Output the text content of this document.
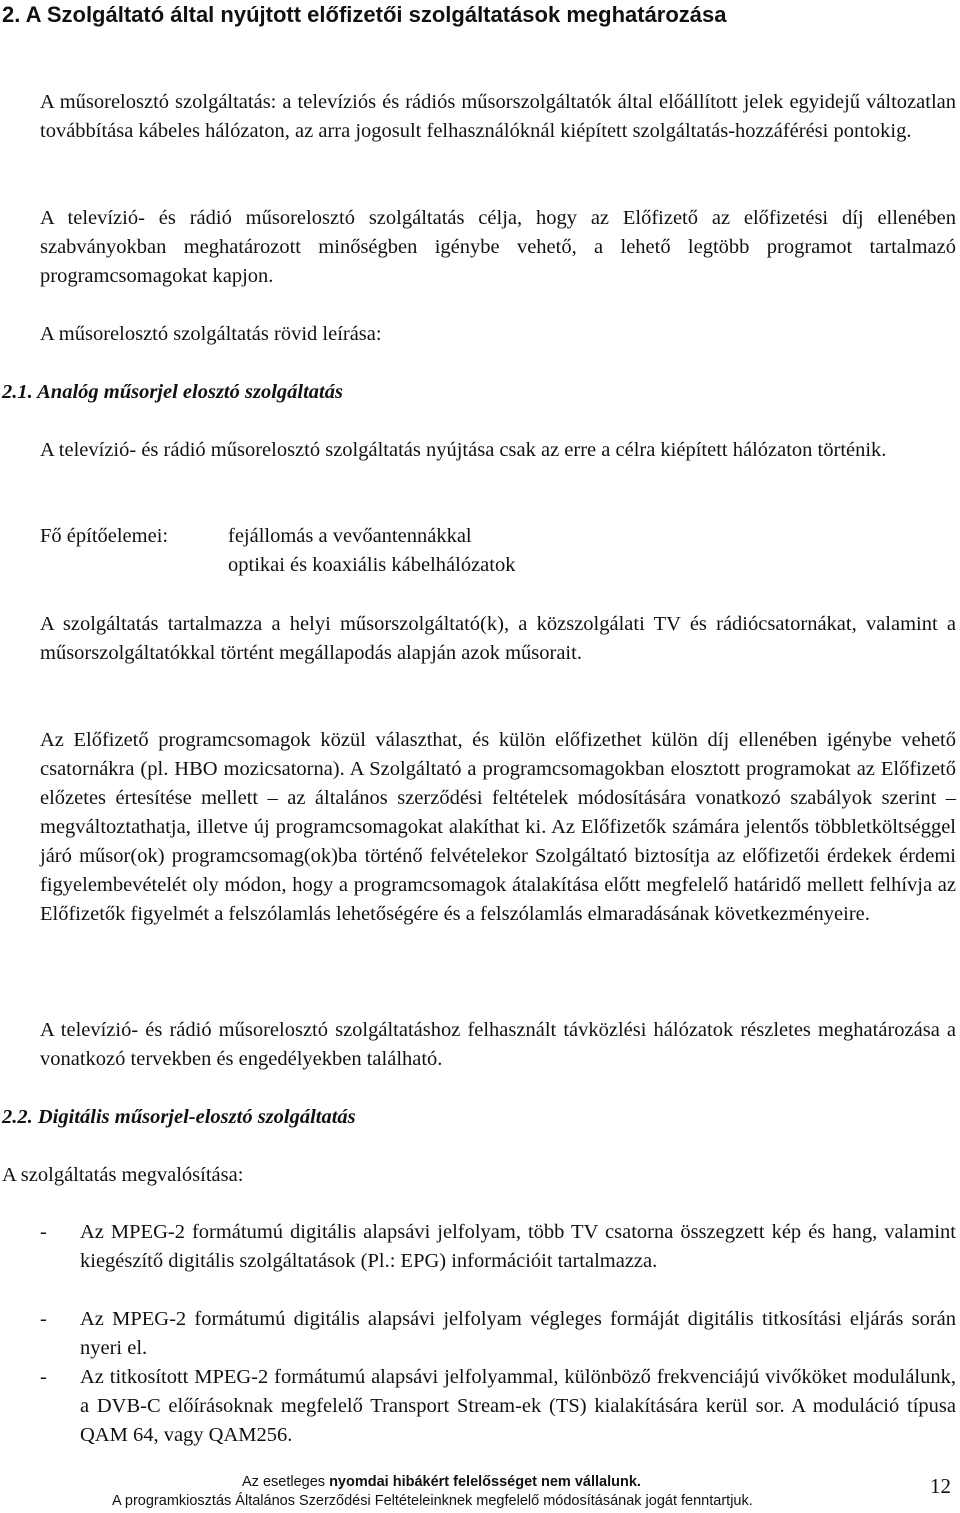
2. A Szolgáltató által nyújtott előfizetői szolgáltatások meghatározása
A műsorelosztó szolgáltatás: a televíziós és rádiós műsorszolgáltatók által előállított jelek egyidejű változatlan továbbítása kábeles hálózaton, az arra jogosult felhasználóknál kiépített szolgáltatás-hozzáférési pontokig.
A televízió- és rádió műsorelosztó szolgáltatás célja, hogy az Előfizető az előfizetési díj ellenében szabványokban meghatározott minőségben igénybe vehető, a lehető legtöbb programot tartalmazó programcsomagokat kapjon.
A műsorelosztó szolgáltatás rövid leírása:
2.1. Analóg műsorjel elosztó szolgáltatás
A televízió- és rádió műsorelosztó szolgáltatás nyújtása csak az erre a célra kiépített hálózaton történik.
Fő építőelemei:	fejállomás a vevőantennákkal
optikai és koaxiális kábelhálózatok
A szolgáltatás tartalmazza a helyi műsorszolgáltató(k), a közszolgálati TV és rádiócsatornákat, valamint a műsorszolgáltatókkal történt megállapodás alapján azok műsorait.
Az Előfizető programcsomagok közül választhat, és külön előfizethet külön díj ellenében igénybe vehető csatornákra (pl. HBO mozicsatorna). A Szolgáltató a programcsomagokban elosztott programokat az Előfizető előzetes értesítése mellett – az általános szerződési feltételek módosítására vonatkozó szabályok szerint – megváltoztathatja, illetve új programcsomagokat alakíthat ki. Az Előfizetők számára jelentős többletköltséggel járó műsor(ok) programcsomag(ok)ba történő felvételekor Szolgáltató biztosítja az előfizetői érdekek érdemi figyelembevételét oly módon, hogy a programcsomagok átalakítása előtt megfelelő határidő mellett felhívja az Előfizetők figyelmét a felszólamlás lehetőségére és a felszólamlás elmaradásának következményeire.
A televízió- és rádió műsorelosztó szolgáltatáshoz felhasznált távközlési hálózatok részletes meghatározása a vonatkozó tervekben és engedélyekben található.
2.2. Digitális műsorjel-elosztó szolgáltatás
A szolgáltatás megvalósítása:
- Az MPEG-2 formátumú digitális alapsávi jelfolyam, több TV csatorna összegzett kép és hang, valamint kiegészítő digitális szolgáltatások (Pl.: EPG) információit tartalmazza.
- Az MPEG-2 formátumú digitális alapsávi jelfolyam végleges formáját digitális titkosítási eljárás során nyeri el.
- Az titkosított MPEG-2 formátumú alapsávi jelfolyammal, különböző frekvenciájú vivőköket modulálunk, a DVB-C előírásoknak megfelelő Transport Stream-ek (TS) kialakítására kerül sor. A moduláció típusa QAM 64, vagy QAM256.
Az esetleges nyomdai hibákért felelősséget nem vállalunk.
A programkiosztás Általános Szerződési Feltételeinknek megfelelő módosításának jogát fenntartjuk.
12
